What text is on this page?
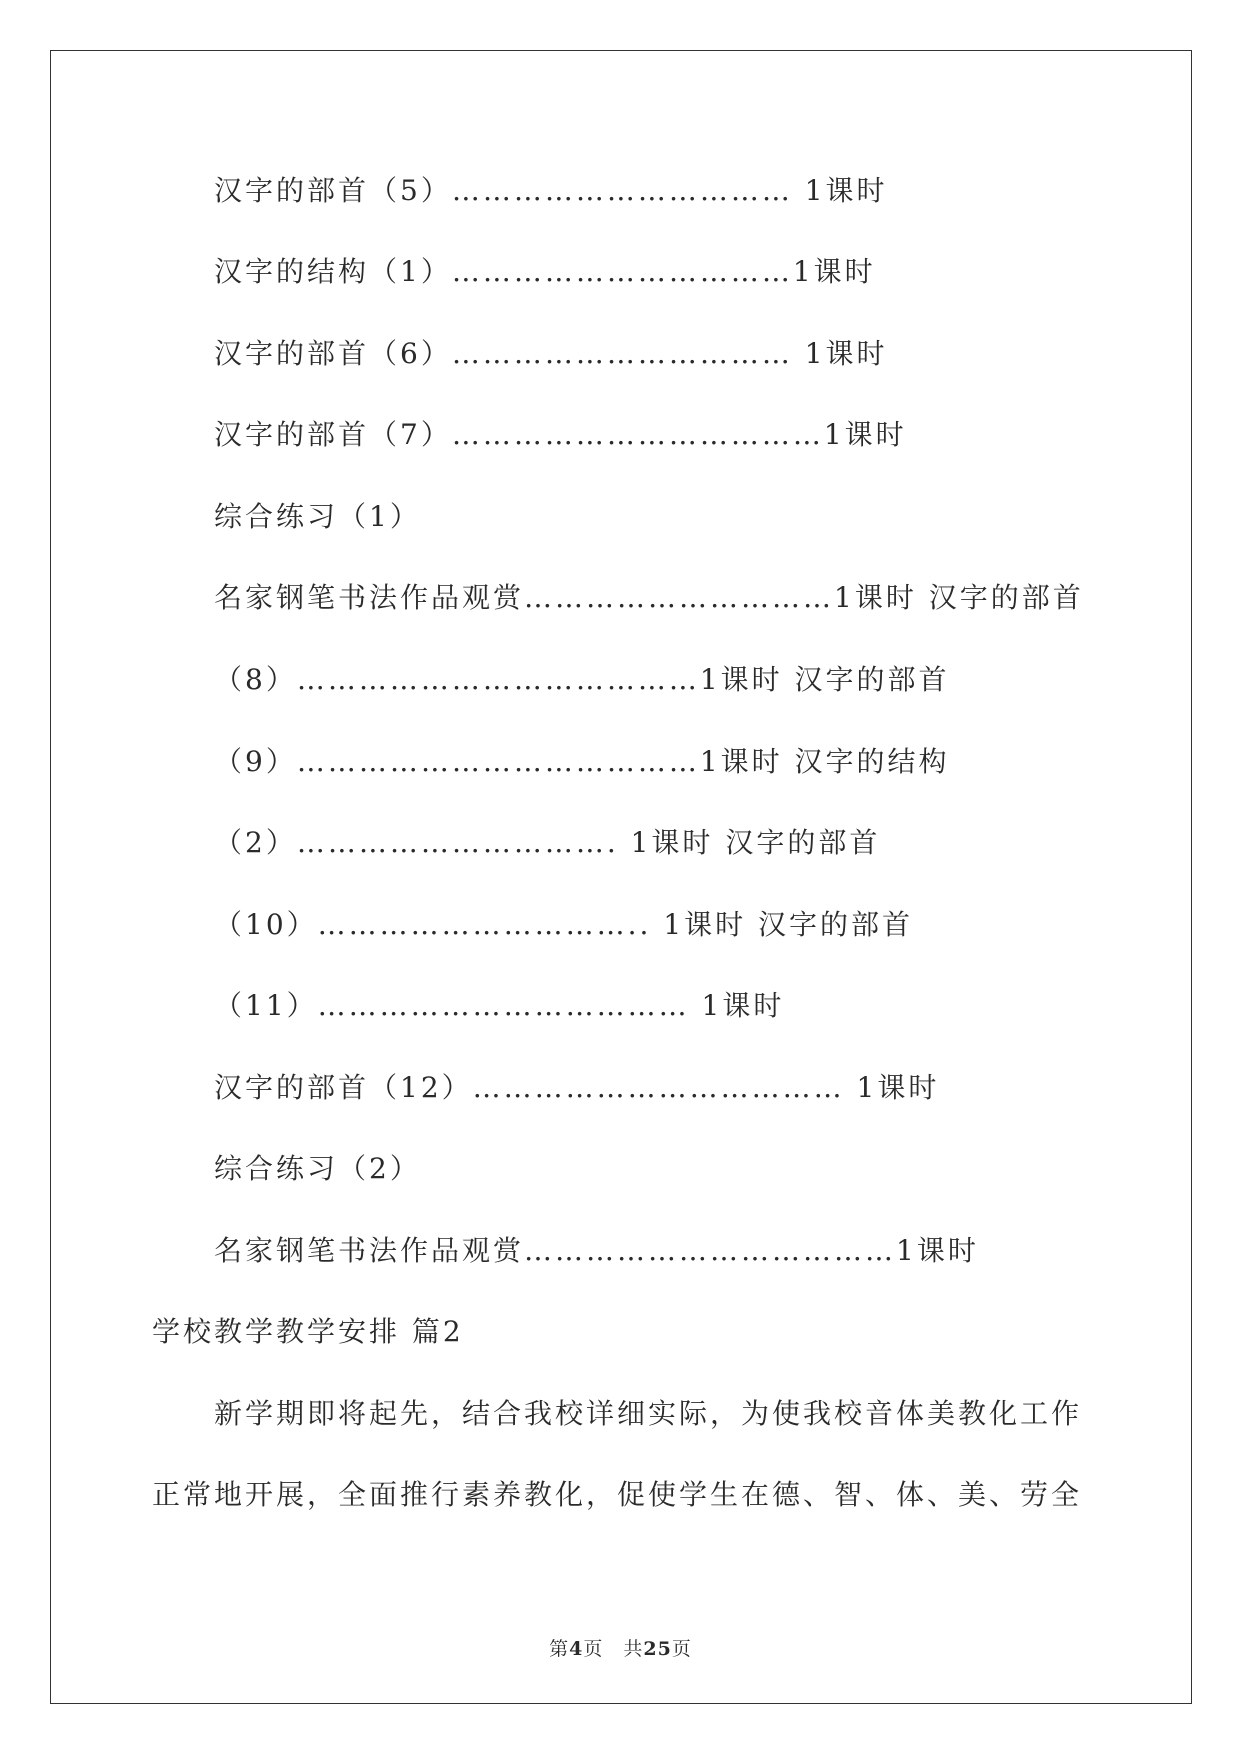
汉字的部首（5）…………………………… 1课时
汉字的结构（1）……………………………1课时
汉字的部首（6）…………………………… 1课时
汉字的部首（7）………………………………1课时
综合练习（1）
名家钢笔书法作品观赏…………………………1课时 汉字的部首
（8）…………………………………1课时 汉字的部首
（9）…………………………………1课时 汉字的结构
（2）…………………………. 1课时 汉字的部首
（10）………………………….. 1课时 汉字的部首
（11）……………………………… 1课时
汉字的部首（12）……………………………… 1课时
综合练习（2）
名家钢笔书法作品观赏………………………………1课时
学校教学教学安排 篇2
新学期即将起先，结合我校详细实际，为使我校音体美教化工作
正常地开展，全面推行素养教化，促使学生在德、智、体、美、劳全
第4页　共25页
